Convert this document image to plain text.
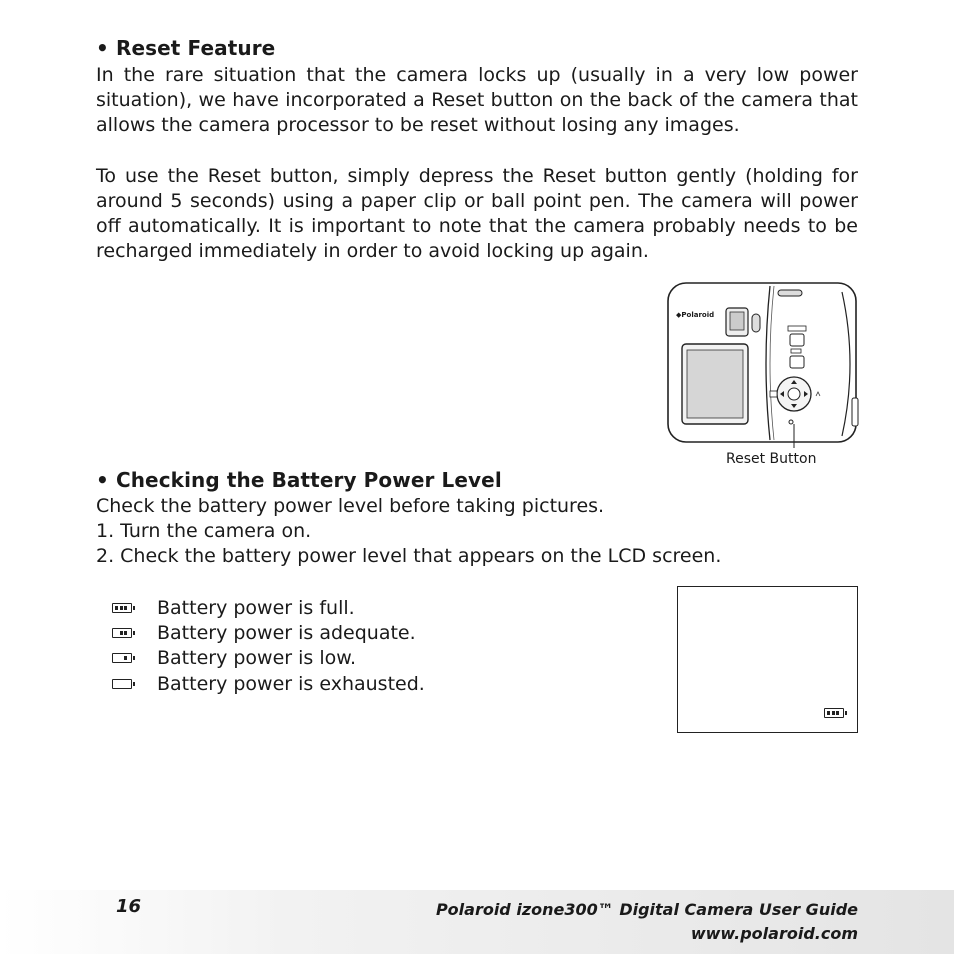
• Reset Feature
In the rare situation that the camera locks up (usually in a very low power situation), we have incorporated a Reset button on the back of the camera that allows the camera processor to be reset without losing any images.
To use the Reset button, simply depress the Reset button gently (holding for around 5 seconds) using a paper clip or ball point pen. The camera will power off automatically. It is important to note that the camera probably needs to be recharged immediately in order to avoid locking up again.
◆Polaroid
Reset Button
• Checking the Battery Power Level
Check the battery power level before taking pictures.
1. Turn the camera on.
2. Check the battery power level that appears on the LCD screen.
Battery power is full.
Battery power is adequate.
Battery power is low.
Battery power is exhausted.
16	Polaroid izone300™ Digital Camera User Guide
www.polaroid.com
